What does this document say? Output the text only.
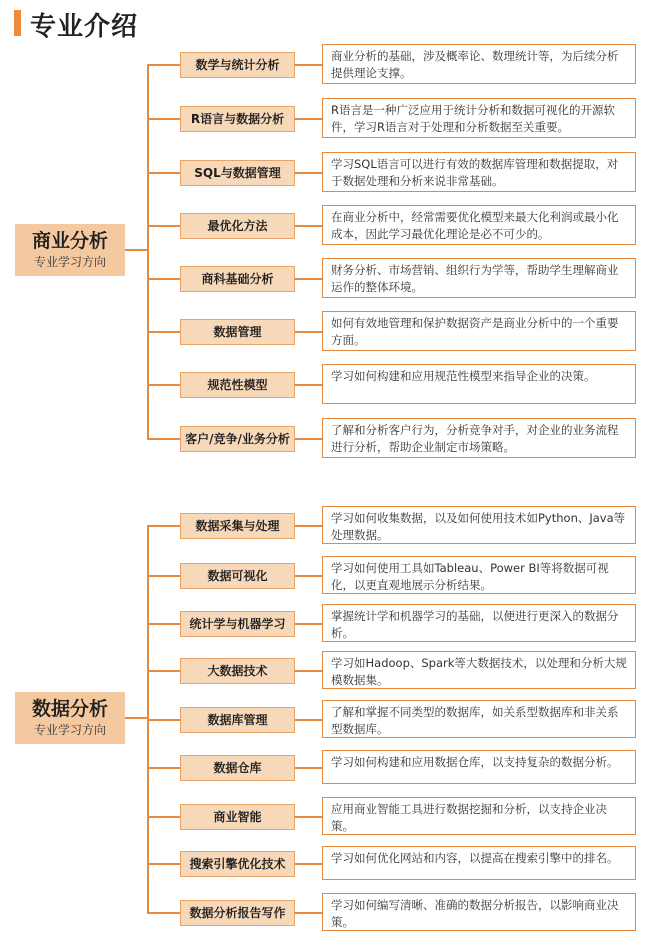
专业介绍
商业分析
专业学习方向
数学与统计分析
商业分析的基础，涉及概率论、数理统计等，为后续分析提供理论支撑。
R语言与数据分析
R语言是一种广泛应用于统计分析和数据可视化的开源软件，学习R语言对于处理和分析数据至关重要。
SQL与数据管理
学习SQL语言可以进行有效的数据库管理和数据提取，对于数据处理和分析来说非常基础。
最优化方法
在商业分析中，经常需要优化模型来最大化利润或最小化成本，因此学习最优化理论是必不可少的。
商科基础分析
财务分析、市场营销、组织行为学等，帮助学生理解商业运作的整体环境。
数据管理
如何有效地管理和保护数据资产是商业分析中的一个重要方面。
规范性模型
学习如何构建和应用规范性模型来指导企业的决策。
客户/竞争/业务分析
了解和分析客户行为，分析竞争对手，对企业的业务流程进行分析，帮助企业制定市场策略。
数据分析
专业学习方向
数据采集与处理
学习如何收集数据，以及如何使用技术如Python、Java等处理数据。
数据可视化
学习如何使用工具如Tableau、Power BI等将数据可视化，以更直观地展示分析结果。
统计学与机器学习
掌握统计学和机器学习的基础，以便进行更深入的数据分析。
大数据技术
学习如Hadoop、Spark等大数据技术，以处理和分析大规模数据集。
数据库管理
了解和掌握不同类型的数据库，如关系型数据库和非关系型数据库。
数据仓库	学习如何构建和应用数据仓库，以支持复杂的数据分析。
商业智能
应用商业智能工具进行数据挖掘和分析，以支持企业决策。
搜索引擎优化技术	学习如何优化网站和内容，以提高在搜索引擎中的排名。
数据分析报告写作
学习如何编写清晰、准确的数据分析报告，以影响商业决策。
